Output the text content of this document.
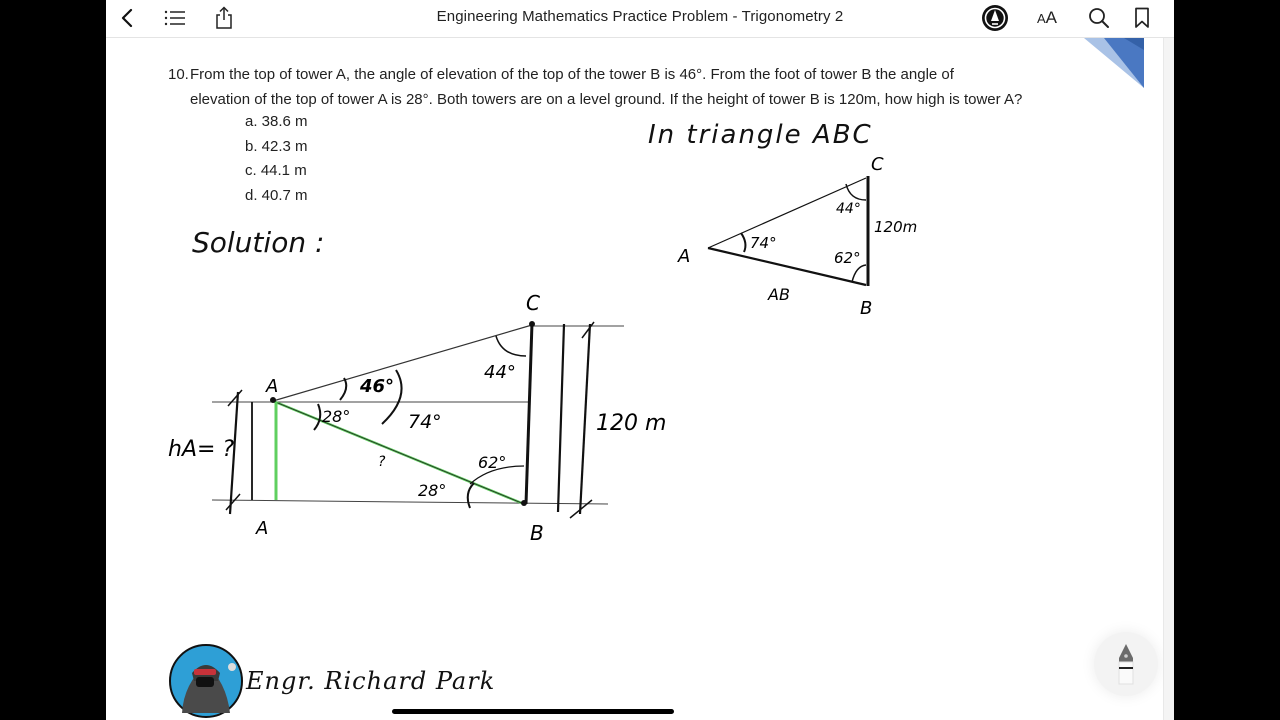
Engineering Mathematics Practice Problem - Trigonometry 2	AA
10.From the top of tower A, the angle of elevation of the top of the tower B is 46°. From the foot of tower B the angle of
elevation of the top of tower A is 28°. Both towers are on a level ground. If the height of tower B is 120m, how high is tower A?
a. 38.6 m
b. 42.3 m
c. 44.1 m
d. 40.7 m
Solution :
In triangle ABC
74°
44°
62°
120m
A
C
B
AB
46°
28°	74°
44°
62°
28°
?
A
A
C
B
120 m
hA= ?
Engr. Richard Park
